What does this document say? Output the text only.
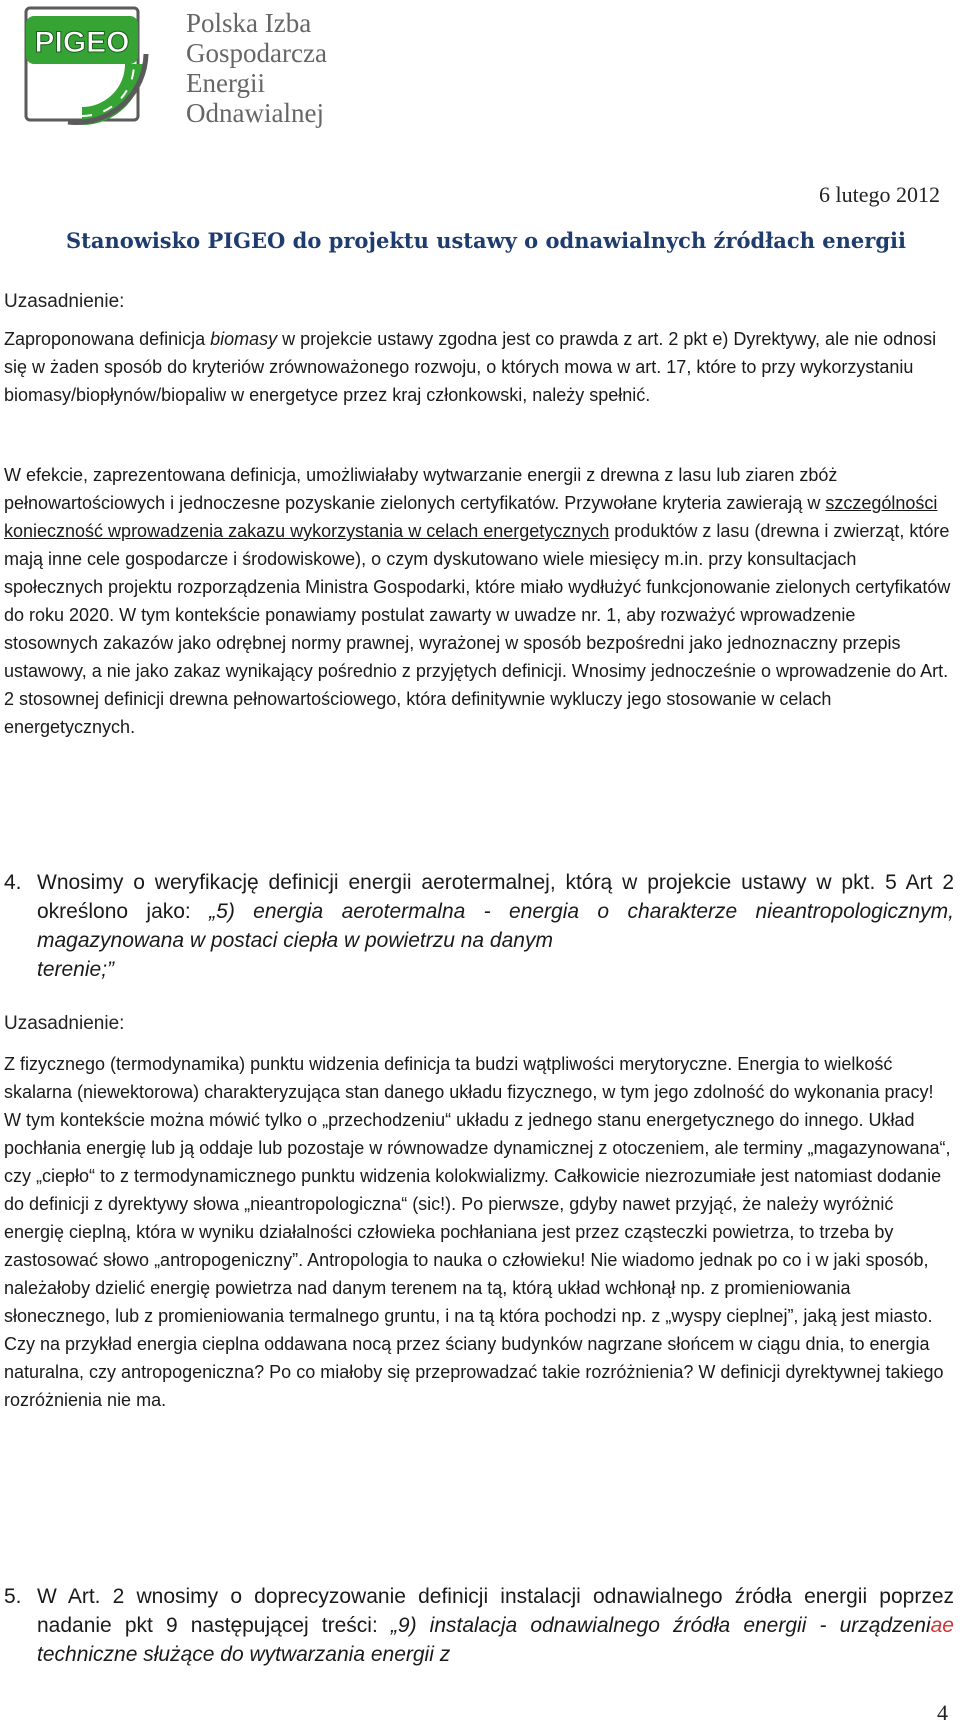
PIGEO
Polska Izba
Gospodarcza
Energii
Odnawialnej
6 lutego 2012
Stanowisko PIGEO do projektu ustawy o odnawialnych źródłach energii
Uzasadnienie:

Zaproponowana definicja biomasy w projekcie ustawy zgodna jest co prawda z art. 2 pkt e) Dyrektywy, ale nie odnosi się w żaden sposób do kryteriów zrównoważonego rozwoju, o których mowa w art. 17, które to przy wykorzystaniu biomasy/biopłynów/biopaliw w energetyce przez kraj członkowski, należy spełnić.

W efekcie, zaprezentowana definicja, umożliwiałaby wytwarzanie energii z drewna z lasu lub ziaren zbóż pełnowartościowych i jednoczesne pozyskanie zielonych certyfikatów. Przywołane kryteria zawierają w szczególności konieczność wprowadzenia zakazu wykorzystania w celach energetycznych produktów z lasu (drewna i zwierząt, które mają inne cele gospodarcze i środowiskowe), o czym dyskutowano wiele miesięcy m.in. przy konsultacjach społecznych projektu rozporządzenia Ministra Gospodarki, które miało wydłużyć funkcjonowanie zielonych certyfikatów do roku 2020. W tym kontekście ponawiamy postulat zawarty w uwadze nr. 1, aby rozważyć wprowadzenie stosownych zakazów jako odrębnej normy prawnej, wyrażonej w sposób bezpośredni jako jednoznaczny przepis ustawowy, a nie jako zakaz wynikający pośrednio z przyjętych definicji. Wnosimy jednocześnie o wprowadzenie do Art. 2 stosownej definicji drewna pełnowartościowego, która definitywnie wykluczy jego stosowanie w celach energetycznych.

4. Wnosimy o weryfikację definicji energii aerotermalnej, którą w projekcie ustawy w pkt. 5 Art 2 określono jako: „5) energia aerotermalna - energia o charakterze nieantropologicznym, magazynowana w postaci ciepła w powietrzu na danym
terenie;”
Uzasadnienie:

Z fizycznego (termodynamika) punktu widzenia definicja ta budzi wątpliwości merytoryczne. Energia to wielkość skalarna (niewektorowa) charakteryzująca stan danego układu fizycznego, w tym jego zdolność do wykonania pracy! W tym kontekście można mówić tylko o „przechodzeniu“ układu z jednego stanu energetycznego do innego. Układ pochłania energię lub ją oddaje lub pozostaje w równowadze dynamicznej z otoczeniem, ale terminy „magazynowana“, czy „ciepło“ to z termodynamicznego punktu widzenia kolokwializmy. Całkowicie niezrozumiałe jest natomiast dodanie do definicji z dyrektywy słowa „nieantropologiczna“ (sic!). Po pierwsze, gdyby nawet przyjąć, że należy wyróżnić energię cieplną, która w wyniku działalności człowieka pochłaniana jest przez cząsteczki powietrza, to trzeba by zastosować słowo „antropogeniczny”. Antropologia to nauka o człowieku! Nie wiadomo jednak po co i w jaki sposób, należałoby dzielić energię powietrza nad danym terenem na tą, którą układ wchłonął np. z promieniowania słonecznego, lub z promieniowania termalnego gruntu, i na tą która pochodzi np. z „wyspy cieplnej”, jaką jest miasto. Czy na przykład energia cieplna oddawana nocą przez ściany budynków nagrzane słońcem w ciągu dnia, to energia naturalna, czy antropogeniczna? Po co miałoby się przeprowadzać takie rozróżnienia? W definicji dyrektywnej takiego rozróżnienia nie ma.

5. W Art. 2 wnosimy o doprecyzowanie definicji instalacji odnawialnego źródła energii poprzez nadanie pkt 9 następującej treści: „9) instalacja odnawialnego źródła energii - urządzeniae techniczne służące do wytwarzania energii z
4
